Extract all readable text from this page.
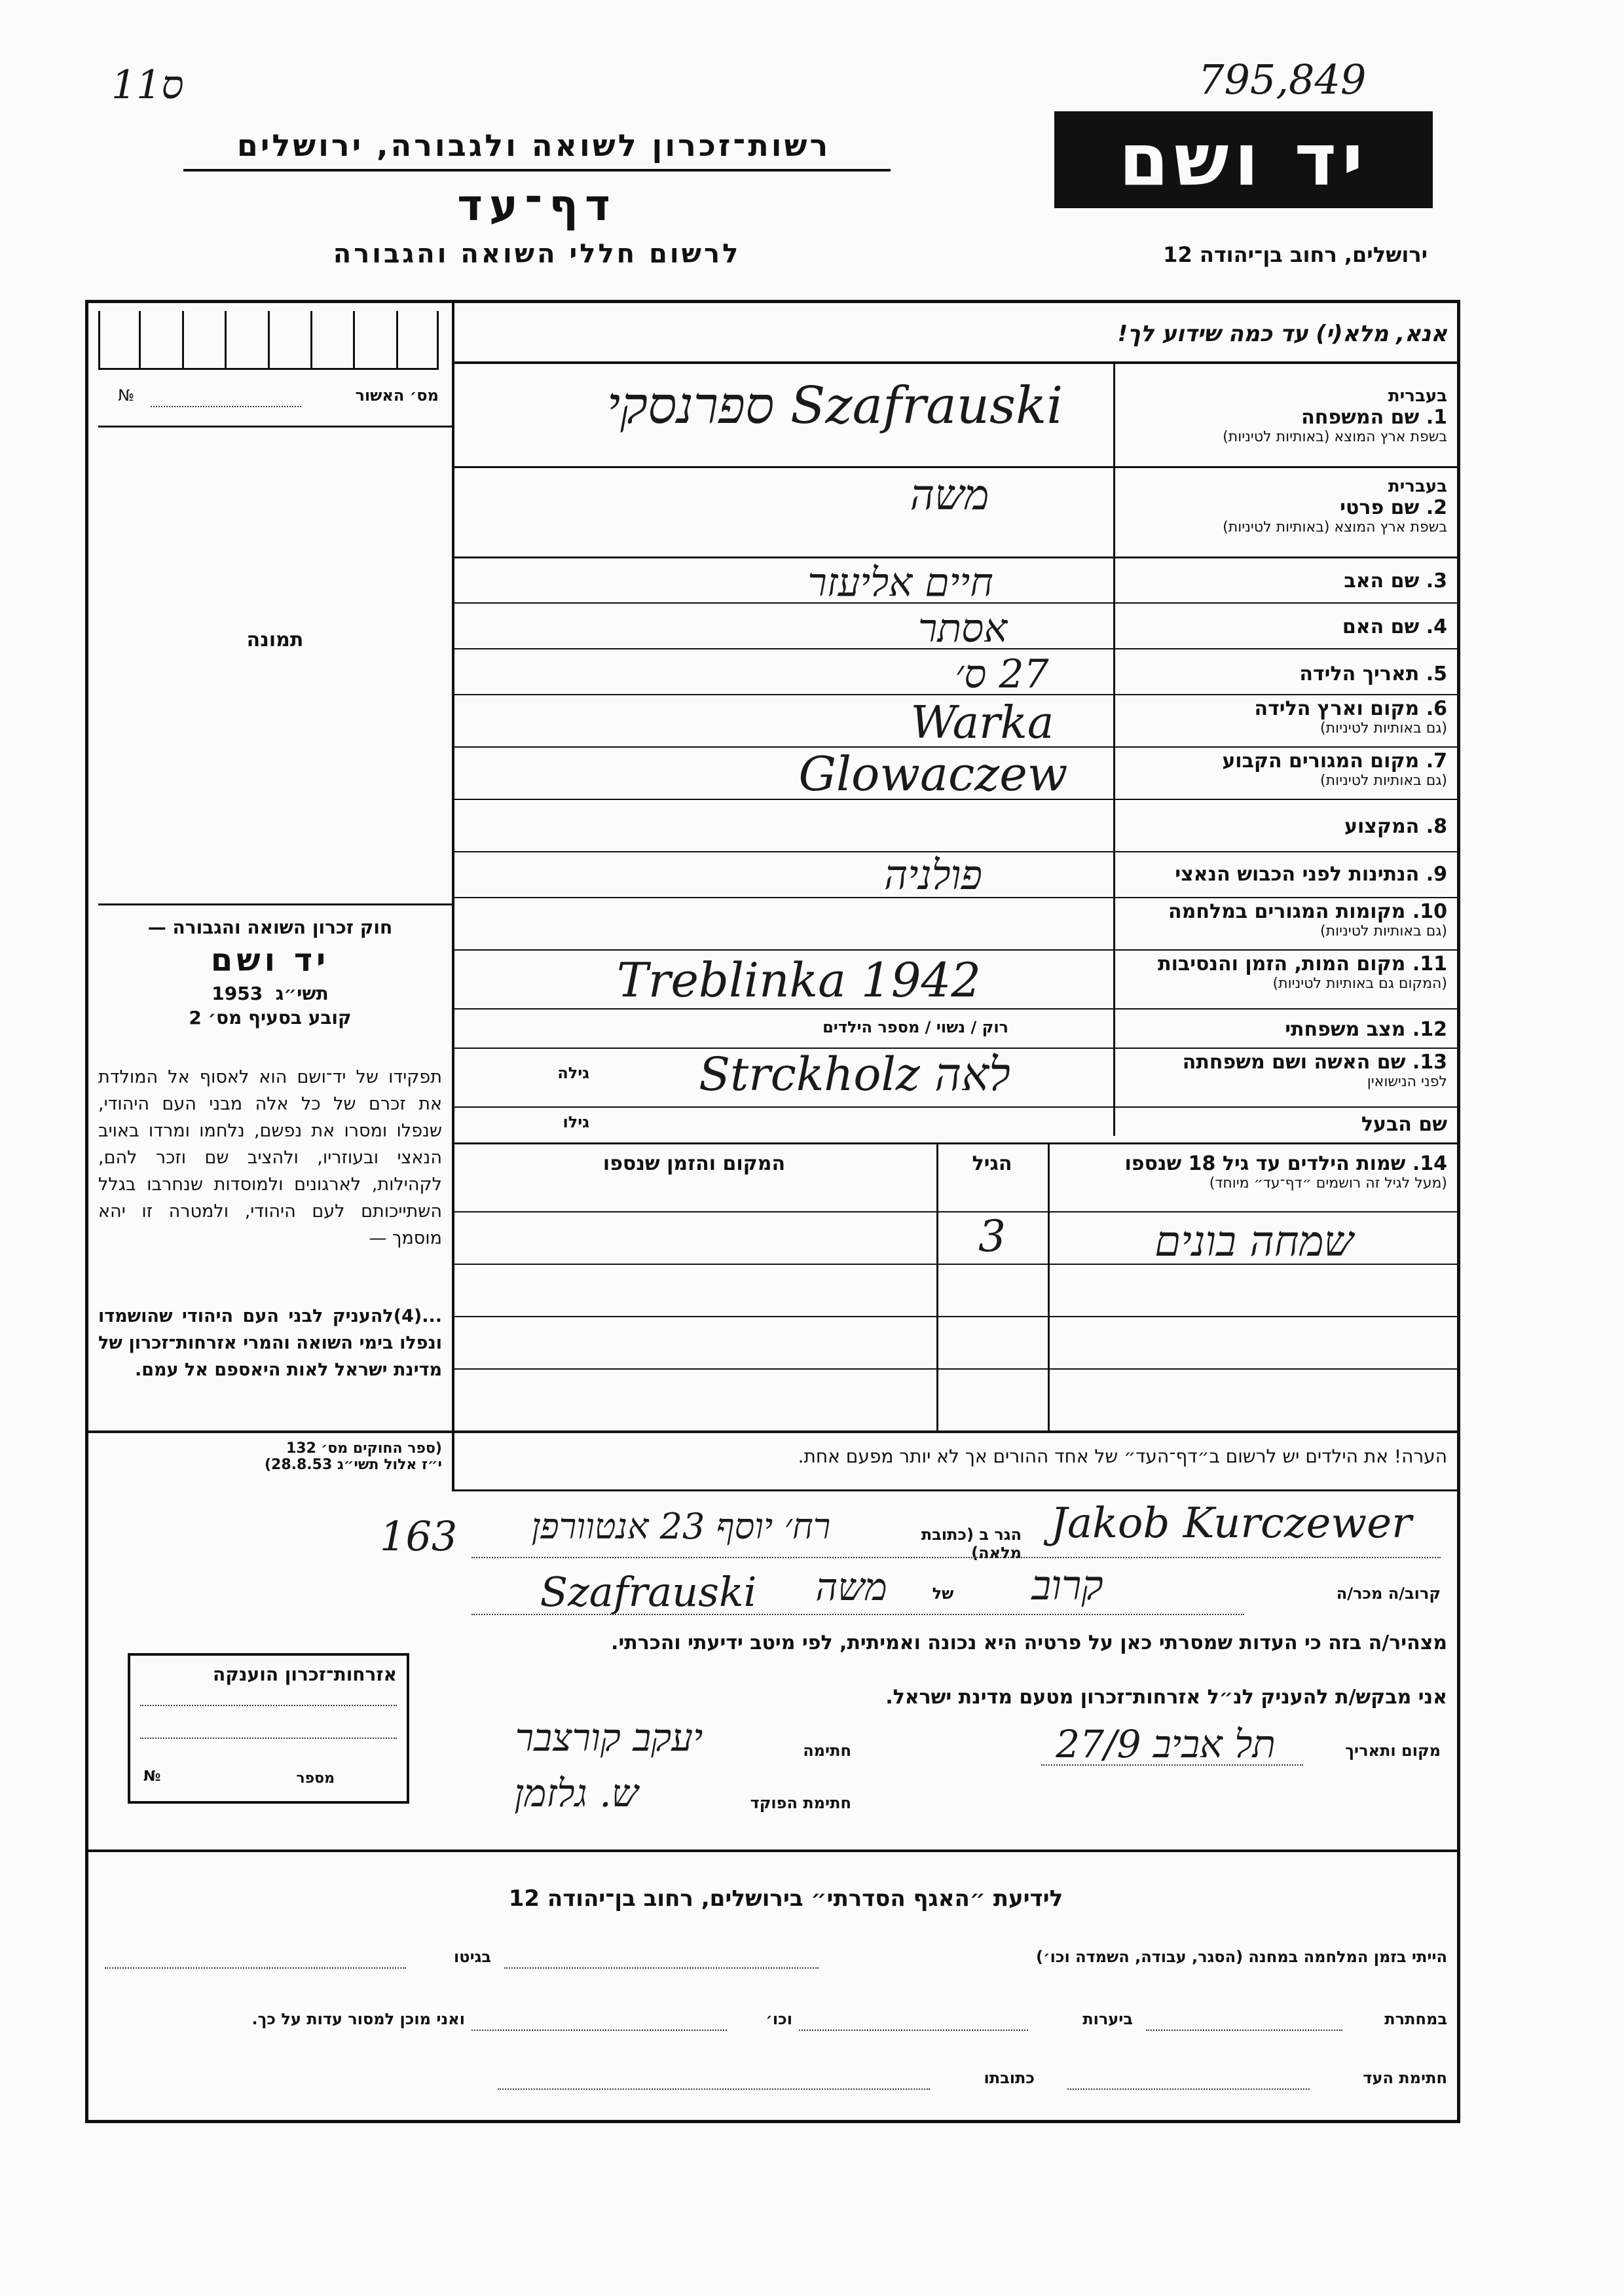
ס11	795,849
רשות־זכרון לשואה ולגבורה, ירושלים
דף־עד
לרשום חללי השואה והגבורה
יד ושם
ירושלים, רחוב בן־יהודה 12
אנא, מלא(י) עד כמה שידוע לך!
מס׳ האשור
№
תמונה
בעברית
1. שם המשפחה
בשפת ארץ המוצא (באותיות לטיניות)
ספרנסקי Szafrauski
בעברית
2. שם פרטי
בשפת ארץ המוצא (באותיות לטיניות)
משה
3. שם האב
חיים אליעזר
4. שם האם
אסתר
5. תאריך הלידה
27 ס׳
6. מקום וארץ הלידה
(גם באותיות לטיניות)
Warka
7. מקום המגורים הקבוע
(גם באותיות לטיניות)
Glowaczew
8. המקצוע
9. הנתינות לפני הכבוש הנאצי
פולניה
10. מקומות המגורים במלחמה
(גם באותיות לטיניות)
11. מקום המות, הזמן והנסיבות
(המקום גם באותיות לטיניות)
Treblinka 1942
12. מצב משפחתי
רוק / נשוי / מספר הילדים
13. שם האשה ושם משפחתה
לפני הנישואין
גילה	Strckholz לאה
שם הבעל
גילו
14. שמות הילדים עד גיל 18 שנספו
(מעל לגיל זה רושמים ״דף־עד״ מיוחד)
הגיל
המקום והזמן שנספו
שמחה בונים
3
חוק זכרון השואה והגבורה —
יד ושם
תשי״ג  1953
קובע בסעיף מס׳ 2
תפקידו של יד־ושם הוא לאסוף אל המולדת את זכרם של כל אלה מבני העם היהודי, שנפלו ומסרו את נפשם, נלחמו ומרדו באויב הנאצי ובעוזריו, ולהציב שם וזכר להם, לקהילות, לארגונים ולמוסדות שנחרבו בגלל השתייכותם לעם היהודי, ולמטרה זו יהא מוסמך —
...(4)להעניק לבני העם היהודי שהושמדו ונפלו בימי השואה והמרי אזרחות־זכרון של מדינת ישראל לאות היאספם אל עמם.
(ספר החוקים מס׳ 132
י״ז אלול תשי״ג 28.8.53)	הערה! את הילדים יש לרשום ב״דף־העד״ של אחד ההורים אך לא יותר מפעם אחת.
163	רח׳ יוסף 23 אנטוורפן	הגר ב (כתובת מלאה)
Jakob Kurczewer
Szafrauski	משה	של	קרוב	קרוב/ה מכר/ה
מצהיר/ה בזה כי העדות שמסרתי כאן על פרטיה היא נכונה ואמיתית, לפי מיטב ידיעתי והכרתי.
אני מבקש/ת להעניק לנ״ל אזרחות־זכרון מטעם מדינת ישראל.
מקום ותאריך
תל אביב 27/9
חתימה
יעקב קורצבר
חתימת הפוקד
ש. גלזמן
אזרחות־זכרון הוענקה
מספר
№
לידיעת ״האגף הסדרתי״ בירושלים, רחוב בן־יהודה 12
הייתי בזמן המלחמה במחנה (הסגר, עבודה, השמדה וכו׳)
בגיטו
במחתרת
ביערות
וכו׳
ואני מוכן למסור עדות על כך.
חתימת העד
כתובתו
